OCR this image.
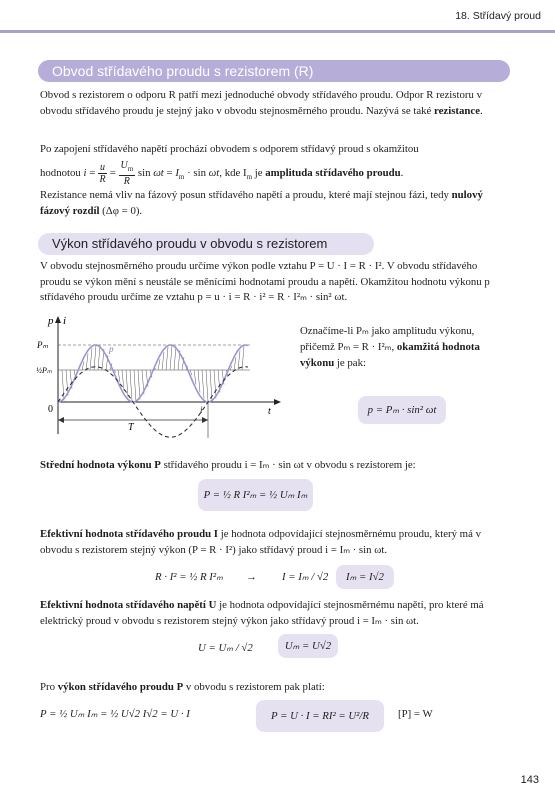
18. Střídavý proud
Obvod střídavého proudu s rezistorem (R)
Obvod s rezistorem o odporu R patří mezi jednoduché obvody střídavého proudu. Odpor R rezistoru v obvodu střídavého proudu je stejný jako v obvodu stejnosměrného proudu. Nazývá se také rezistance.
Po zapojení střídavého napětí prochází obvodem s odporem střídavý proud s okamžitou
hodnotou $i = \frac{u}{R} = \frac{U_m}{R}$ $\sin \omega t = I_m \cdot \sin \omega t$, kde $I_m$ je amplituda střídavého proudu.
Rezistance nemá vliv na fázový posun střídavého napětí a proudu, které mají stejnou fázi, tedy nulový fázový rozdíl (Δφ = 0).
Výkon střídavého proudu v obvodu s rezistorem
V obvodu stejnosměrného proudu určíme výkon podle vztahu P = U · I = R · I². V obvodu střídavého proudu se výkon mění s neustále se měnícími hodnotami proudu a napětí. Okamžitou hodnotu výkonu p střídavého proudu určíme ze vztahu p = u · i = R · i² = R · I²ₘ · sin² ωt.
p i
Pₘ
½Pₘ
0	t
T
p
i
Označíme-li Pₘ jako amplitudu výkonu, přičemž Pₘ = R · I²ₘ, okamžitá hodnota výkonu je pak:
p = Pₘ · sin² ωt
Střední hodnota výkonu P střídavého proudu i = Iₘ · sin ωt v obvodu s rezistorem je:
P = ½ R I²ₘ = ½ Uₘ Iₘ
Efektivní hodnota střídavého proudu I je hodnota odpovídající stejnosměrnému proudu, který má v obvodu s rezistorem stejný výkon (P = R · I²) jako střídavý proud i = Iₘ · sin ωt.
R · I² = ½ R I²ₘ	→	I = Iₘ / √2	Iₘ = I√2
Efektivní hodnota střídavého napětí U je hodnota odpovídající stejnosměrnému napětí, pro které má elektrický proud v obvodu s rezistorem stejný výkon jako střídavý proud i = Iₘ · sin ωt.
U = Uₘ / √2	Uₘ = U√2
Pro výkon střídavého proudu P v obvodu s rezistorem pak platí:
P = ½ Uₘ Iₘ = ½ U√2 I√2 = U · I	P = U · I = RI² = U²/R	[P] = W
143
